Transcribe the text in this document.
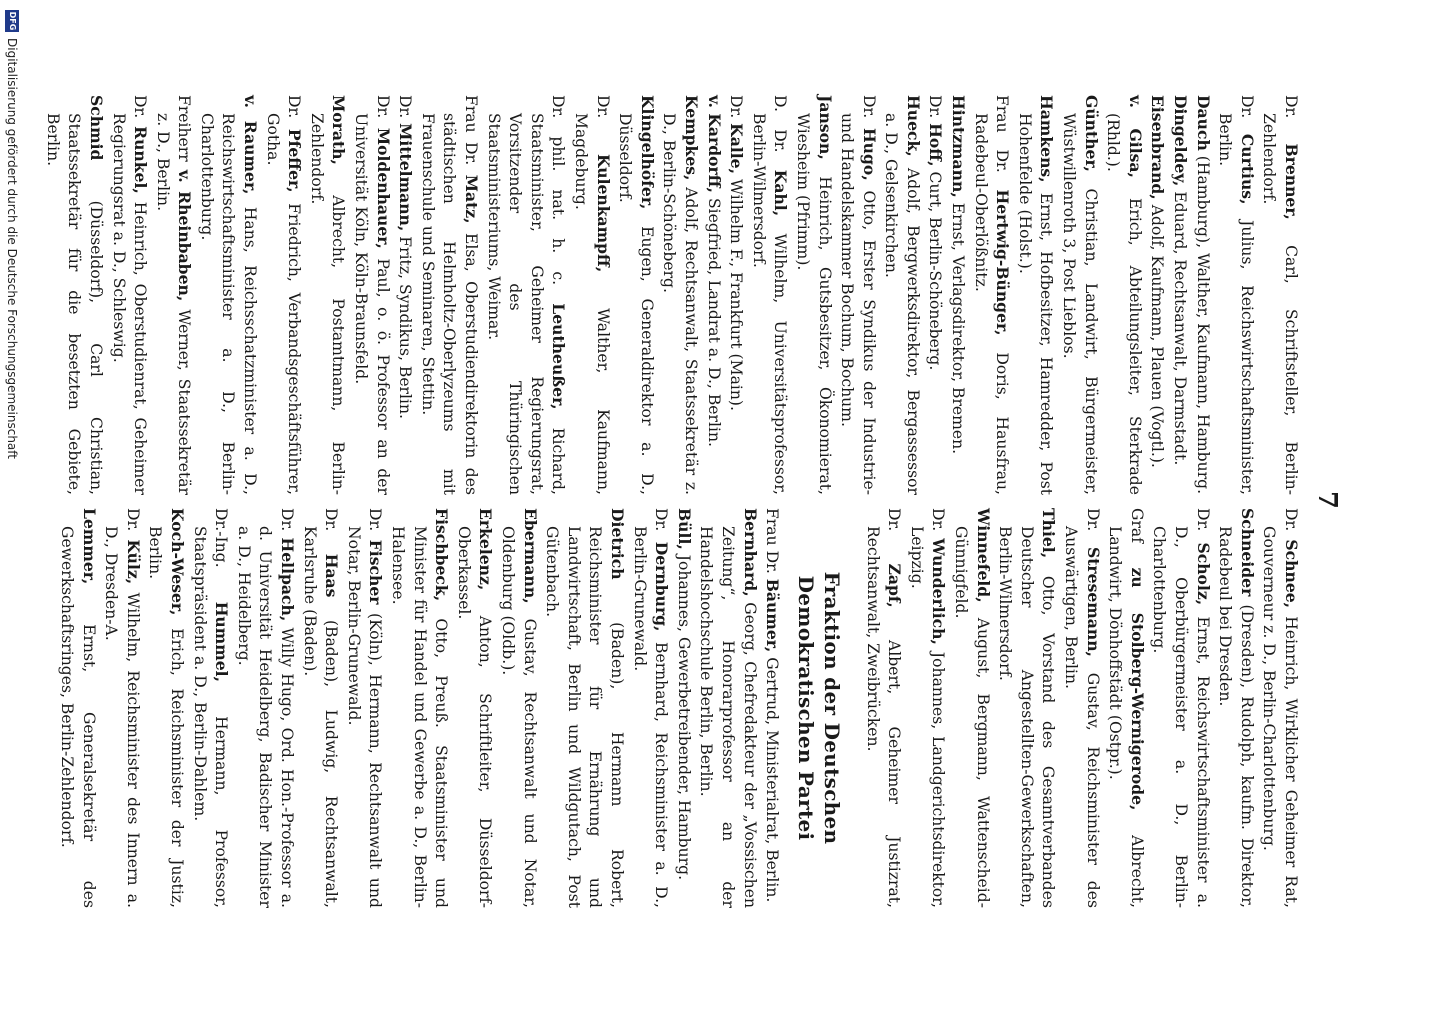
7
Dr. Brenner, Carl, Schriftsteller, Berlin-Zehlendorf.
Dr. Curtius, Julius, Reichswirtschaftsminister, Berlin.
Dauch (Hamburg), Walther, Kaufmann, Hamburg.
Dingeldey, Eduard, Rechtsanwalt, Darmstadt.
Eisenbrand, Adolf, Kaufmann, Plauen (Vogtl.).
v. Gilsa, Erich, Abteilungsleiter, Sterkrade (Rhld.).
Günther, Christian, Landwirt, Bürgermeister, Wüstwillenroth 3, Post Lieblos.
Hamkens, Ernst, Hofbesitzer, Hamredder, Post Hohenfelde (Holst.).
Frau Dr. Hertwig-Bünger, Doris, Hausfrau, Radebeul-Oberlößnitz.
Hintzmann, Ernst, Verlagsdirektor, Bremen.
Dr. Hoff, Curt, Berlin-Schöneberg.
Hueck, Adolf, Bergwerksdirektor, Bergassessor a. D., Gelsenkirchen.
Dr. Hugo, Otto, Erster Syndikus der Industrie- und Handelskammer Bochum, Bochum.
Janson, Heinrich, Gutsbesitzer, Ökonomierat, Wiesheim (Pfrimm).
D. Dr. Kahl, Wilhelm, Universitätsprofessor, Berlin-Wilmersdorf.
Dr. Kalle, Wilhelm F., Frankfurt (Main).
v. Kardorff, Siegfried, Landrat a. D., Berlin.
Kempkes, Adolf, Rechtsanwalt, Staatssekretär z. D., Berlin-Schöneberg.
Klingelhöfer, Eugen, Generaldirektor a. D., Düsseldorf.
Dr. Kulenkampff, Walther, Kaufmann, Magdeburg.
Dr. phil. nat. h. c. Leutheußer, Richard, Staatsminister, Geheimer Regierungsrat, Vorsitzender des Thüringischen Staatsministeriums, Weimar.
Frau Dr. Matz, Elsa, Oberstudiendirektorin des städtischen Helmholtz-Oberlyzeums mit Frauenschule und Seminaren, Stettin.
Dr. Mittelmann, Fritz, Syndikus, Berlin.
Dr. Moldenhauer, Paul, o. ö. Professor an der Universität Köln, Köln-Braunsfeld.
Morath, Albrecht, Postamtmann, Berlin-Zehlendorf.
Dr. Pfeffer, Friedrich, Verbandsgeschäftsführer, Gotha.
v. Raumer, Hans, Reichsschatzminister a. D., Reichswirtschaftsminister a. D., Berlin-Charlottenburg.
Freiherr v. Rheinbaben, Werner, Staatssekretär z. D., Berlin.
Dr. Runkel, Heinrich, Oberstudienrat, Geheimer Regierungsrat a. D., Schleswig.
Schmid (Düsseldorf), Carl Christian, Staatssekretär für die besetzten Gebiete, Berlin.
Dr. Schnee, Heinrich, Wirklicher Geheimer Rat, Gouverneur z. D., Berlin-Charlottenburg.
Schneider (Dresden), Rudolph, kaufm. Direktor, Radebeul bei Dresden.
Dr. Scholz, Ernst, Reichswirtschaftsminister a. D., Oberbürgermeister a. D., Berlin-Charlottenburg.
Graf zu Stolberg-Wernigerode, Albrecht, Landwirt, Dönhoffstädt (Ostpr.).
Dr. Stresemann, Gustav, Reichsminister des Auswärtigen, Berlin.
Thiel, Otto, Vorstand des Gesamtverbandes Deutscher Angestellten-Gewerkschaften, Berlin-Wilmersdorf.
Winnefeld, August, Bergmann, Wattenscheid-Günnigfeld.
Dr. Wunderlich, Johannes, Landgerichtsdirektor, Leipzig.
Dr. Zapf, Albert, Geheimer Justizrat, Rechtsanwalt, Zweibrücken.
Fraktion der Deutschen Demokratischen Partei
Frau Dr. Bäumer, Gertrud, Ministerialrat, Berlin.
Bernhard, Georg, Chefredakteur der „Vossischen Zeitung“, Honorarprofessor an der Handelshochschule Berlin, Berlin.
Büll, Johannes, Gewerbetreibender, Hamburg.
Dr. Dernburg, Bernhard, Reichsminister a. D., Berlin-Grunewald.
Dietrich (Baden), Hermann Robert, Reichsminister für Ernährung und Landwirtschaft, Berlin und Wildgutach, Post Gütenbach.
Ebermann, Gustav, Rechtsanwalt und Notar, Oldenburg (Oldb.).
Erkelenz, Anton, Schriftleiter, Düsseldorf-Oberkassel.
Fischbeck, Otto, Preuß. Staatsminister und Minister für Handel und Gewerbe a. D., Berlin-Halensee.
Dr. Fischer (Köln), Hermann, Rechtsanwalt und Notar, Berlin-Grunewald.
Dr. Haas (Baden), Ludwig, Rechtsanwalt, Karlsruhe (Baden).
Dr. Hellpach, Willy Hugo, Ord. Hon.-Professor a. d. Universität Heidelberg, Badischer Minister a. D., Heidelberg.
Dr.-Ing. Hummel, Hermann, Professor, Staatspräsident a. D., Berlin-Dahlem.
Koch-Weser, Erich, Reichsminister der Justiz, Berlin.
Dr. Külz, Wilhelm, Reichsminister des Innern a. D., Dresden-A.
Lemmer, Ernst, Generalsekretär des Gewerkschaftsringes, Berlin-Zehlendorf.
DFG
Digitalisierung gefördert durch die Deutsche Forschungsgemeinschaft
